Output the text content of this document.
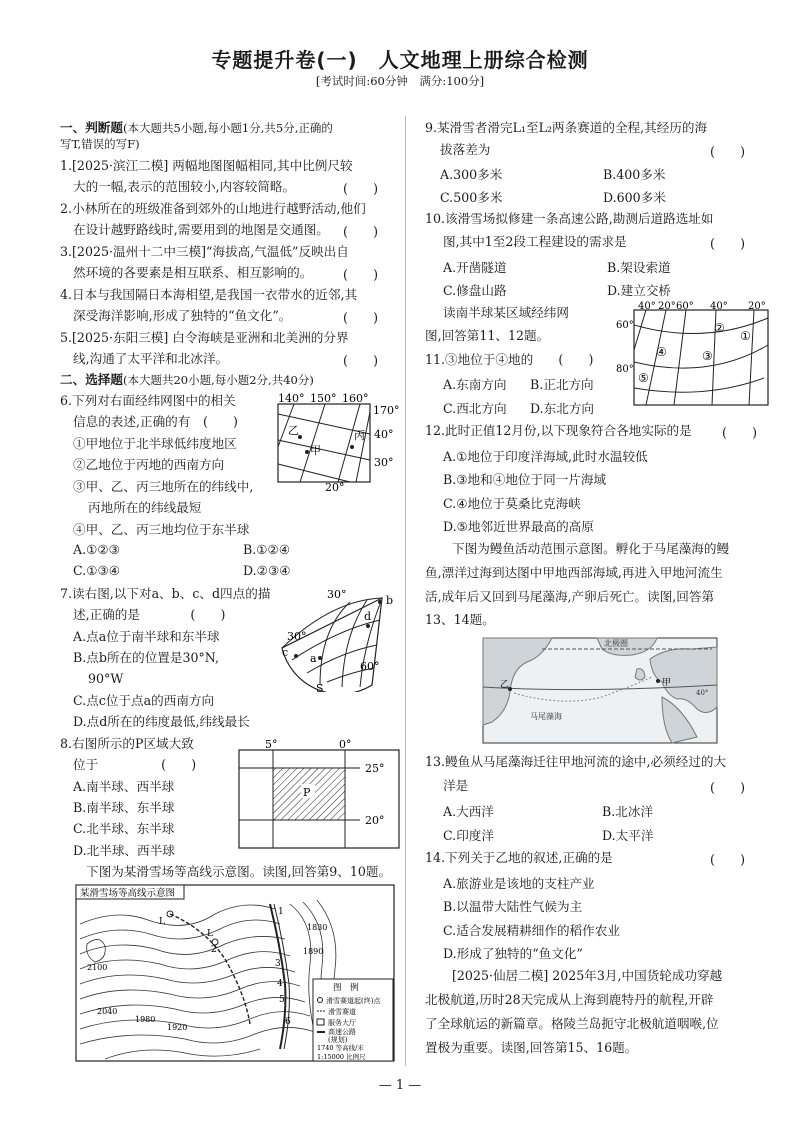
专题提升卷(一)　人文地理上册综合检测
[考试时间:60分钟　满分:100分]
一、判断题(本大题共5小题,每小题1分,共5分,正确的
写T,错误的写F)
1.[2025·滨江二模] 两幅地图图幅相同,其中比例尺较
大的一幅,表示的范围较小,内容较简略。	(　　)
2.小林所在的班级准备到郊外的山地进行越野活动,他们
在设计越野路线时,需要用到的地图是交通图。 (　　)
3.[2025·温州十二中三模]“海拔高,气温低”反映出自
然环境的各要素是相互联系、相互影响的。 (　　)
4.日本与我国隔日本海相望,是我国一衣带水的近邻,其
深受海洋影响,形成了独特的“鱼文化”。	(　　)
5.[2025·东阳三模] 白令海峡是亚洲和北美洲的分界
线,沟通了太平洋和北冰洋。	(　　)
二、选择题(本大题共20小题,每小题2分,共40分)
6.下列对右面经纬网图中的相关
信息的表述,正确的有　(　　)
①甲地位于北半球低纬度地区
②乙地位于丙地的西南方向
③甲、乙、丙三地所在的纬线中,
丙地所在的纬线最短
④甲、乙、丙三地均位于东半球
A.①②③	B.①②④
C.①③④	D.②③④
140° 150° 160°
170°
40°
30°
20°
乙
甲
丙
7.读右图,以下对a、b、c、d四点的描
述,正确的是　　　　(　　)
A.点a位于南半球和东半球
B.点b所在的位置是30°N,
90°W
C.点c位于点a的西南方向
D.点d所在的纬度最低,纬线最长
30°
30°
60°
S
a
b
c
d
8.右图所示的P区域大致
位于　　　　　(　　)
A.南半球、西半球
B.南半球、东半球
C.北半球、东半球
D.北半球、西半球
P
5°	0°
25°
20°
下图为某滑雪场等高线示意图。读图,回答第9、10题。
某滑雪场等高线示意图
2100
1890
1830
2040
1980
1920
L
L
1
2
3
4
5
6
图　例
滑雪赛道起(终)点
滑雪赛道
服务大厅
高速公路
(规划)
1740 等高线/米
1:15000 比例尺
9.某滑雪者滑完L₁至L₂两条赛道的全程,其经历的海
拔落差为	(　　)
A.300多米	B.400多米
C.500多米	D.600多米
10.该滑雪场拟修建一条高速公路,勘测后道路选址如
图,其中1至2段工程建设的需求是	(　　)
A.开凿隧道	B.架设索道
C.修盘山路	D.建立交桥
读南半球某区域经纬网
图,回答第11、12题。
40° 20° 60° 40° 20°
60°
80°
①
②
③
④
⑤
11.③地位于④地的　　(　　)
A.东南方向 B.正北方向
C.西北方向 D.东北方向
12.此时正值12月份,以下现象符合各地实际的是 (　　)
A.①地位于印度洋海域,此时水温较低
B.③地和④地位于同一片海域
C.④地位于莫桑比克海峡
D.⑤地邻近世界最高的高原
下图为鳗鱼活动范围示意图。孵化于马尾藻海的鳗
鱼,漂洋过海到达图中甲地西部海域,再进入甲地河流生
活,成年后又回到马尾藻海,产卵后死亡。读图,回答第
13、14题。
北极圈
甲
乙
40°
马尾藻海
13.鳗鱼从马尾藻海迁往甲地河流的途中,必须经过的大
洋是	(　　)
A.大西洋	B.北冰洋
C.印度洋	D.太平洋
14.下列关于乙地的叙述,正确的是	(　　)
A.旅游业是该地的支柱产业
B.以温带大陆性气候为主
C.适合发展精耕细作的稻作农业
D.形成了独特的“鱼文化”
[2025·仙居二模] 2025年3月,中国货轮成功穿越
北极航道,历时28天完成从上海到鹿特丹的航程,开辟
了全球航运的新篇章。格陵兰岛扼守北极航道咽喉,位
置极为重要。读图,回答第15、16题。
— 1 —
